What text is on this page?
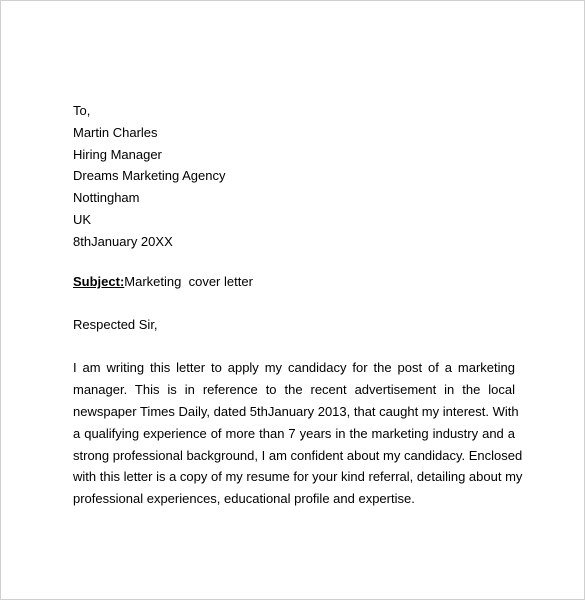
To,
Martin Charles
Hiring Manager
Dreams Marketing Agency
Nottingham
UK
8thJanuary 20XX
Subject:Marketing  cover letter
Respected Sir,
I am writing this letter to apply my candidacy for the post of a marketing
manager. This is in reference to the recent advertisement in the local
newspaper Times Daily, dated 5thJanuary 2013, that caught my interest. With
a qualifying experience of more than 7 years in the marketing industry and a
strong professional background, I am confident about my candidacy. Enclosed
with this letter is a copy of my resume for your kind referral, detailing about my
professional experiences, educational profile and expertise.
